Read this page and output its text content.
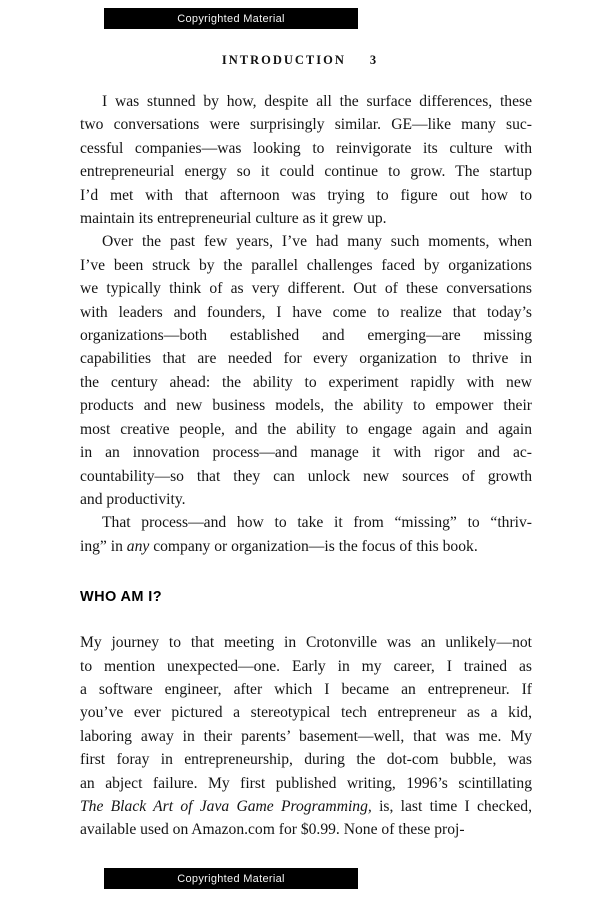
Copyrighted Material
INTRODUCTION 3
I was stunned by how, despite all the surface differences, these
two conversations were surprisingly similar. GE—like many suc-
cessful companies—was looking to reinvigorate its culture with
entrepreneurial energy so it could continue to grow. The startup
I’d met with that afternoon was trying to figure out how to
maintain its entrepreneurial culture as it grew up.
Over the past few years, I’ve had many such moments, when
I’ve been struck by the parallel challenges faced by organizations
we typically think of as very different. Out of these conversations
with leaders and founders, I have come to realize that today’s
organizations—both established and emerging—are missing
capabilities that are needed for every organization to thrive in
the century ahead: the ability to experiment rapidly with new
products and new business models, the ability to empower their
most creative people, and the ability to engage again and again
in an innovation process—and manage it with rigor and ac-
countability—so that they can unlock new sources of growth
and productivity.
That process—and how to take it from “missing” to “thriv-
ing” in any company or organization—is the focus of this book.
WHO AM I?
My journey to that meeting in Crotonville was an unlikely—not
to mention unexpected—one. Early in my career, I trained as
a software engineer, after which I became an entrepreneur. If
you’ve ever pictured a stereotypical tech entrepreneur as a kid,
laboring away in their parents’ basement—well, that was me. My
first foray in entrepreneurship, during the dot-com bubble, was
an abject failure. My first published writing, 1996’s scintillating
The Black Art of Java Game Programming, is, last time I checked,
available used on Amazon.com for $0.99. None of these proj-
Copyrighted Material
